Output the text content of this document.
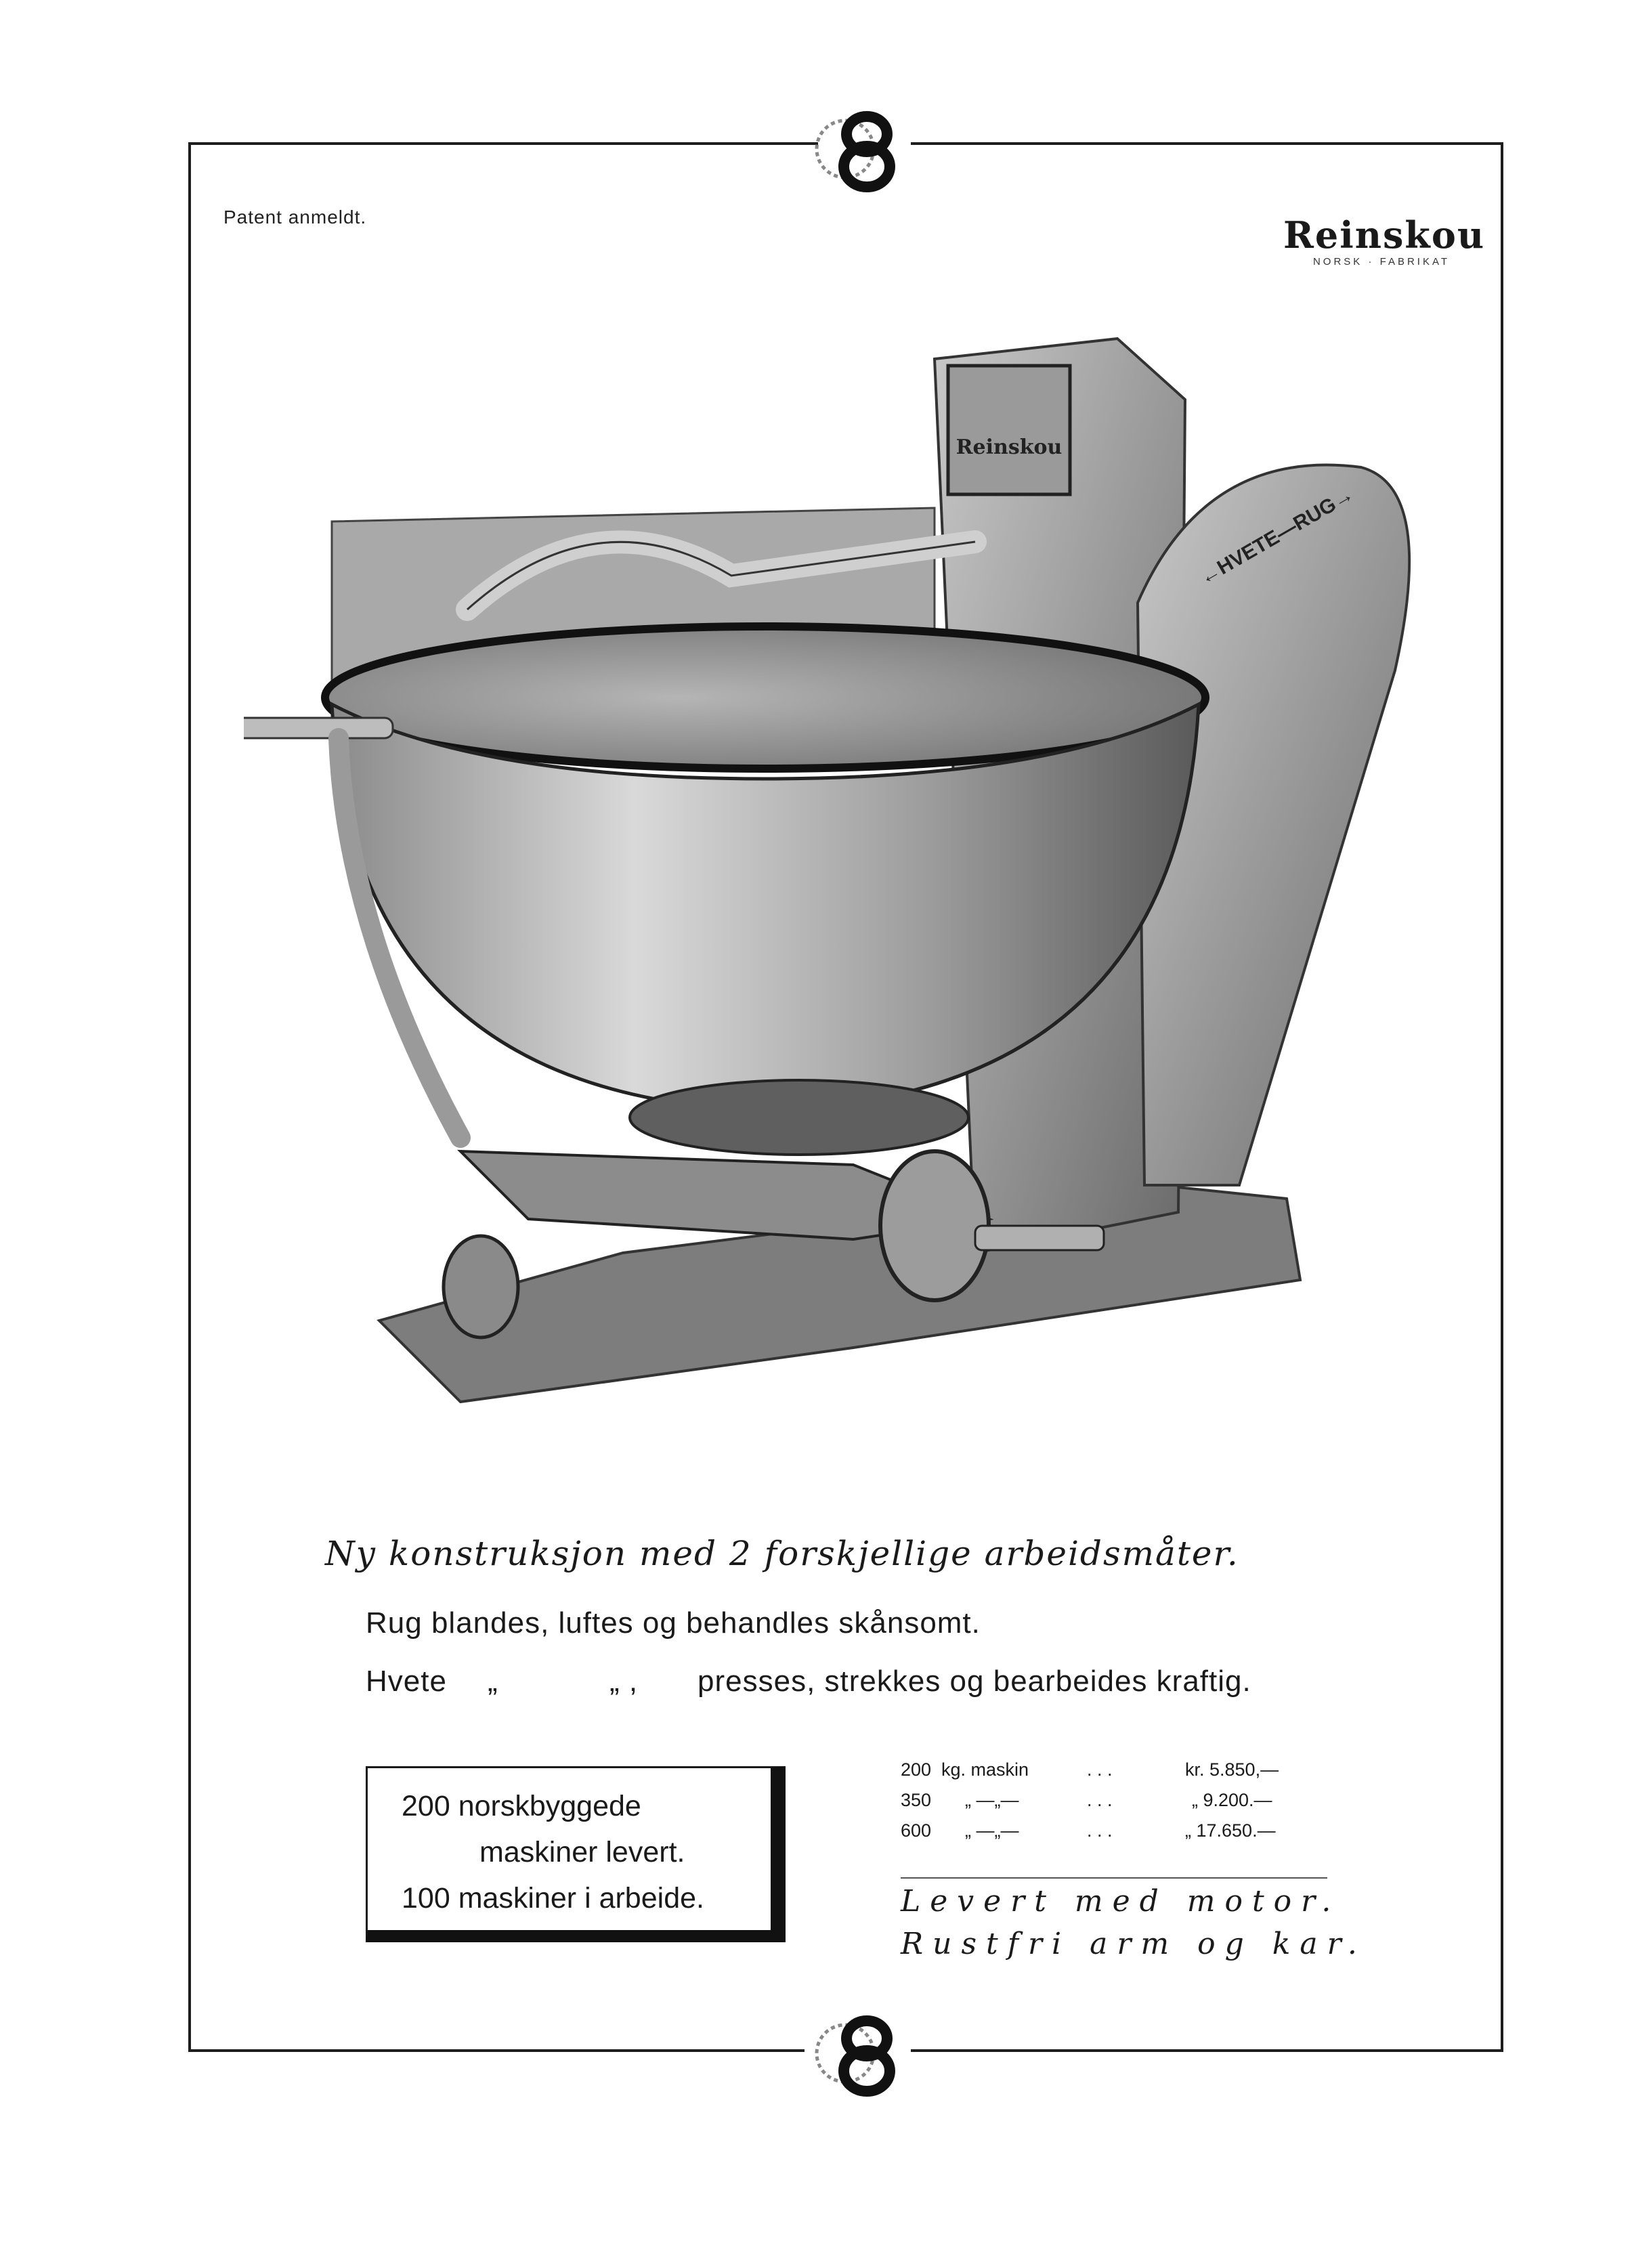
Patent anmeldt.	Reinskou
NORSK · FABRIKAT
Reinskou
←HVETE—RUG→
Ny konstruksjon med 2 forskjellige arbeidsmåter.
Rug blandes, luftes og behandles skånsomt.
Hvete „	„ , presses, strekkes og bearbeides kraftig.
200 norskbyggede
maskiner levert.
100 maskiner i arbeide.
200 kg. maskin	. . .	kr. 5.850,—
350 „ —„—	. . .	„ 9.200.—
600 „ —„—	. . .	„ 17.650.—
Levert med motor.
Rustfri arm og kar.
